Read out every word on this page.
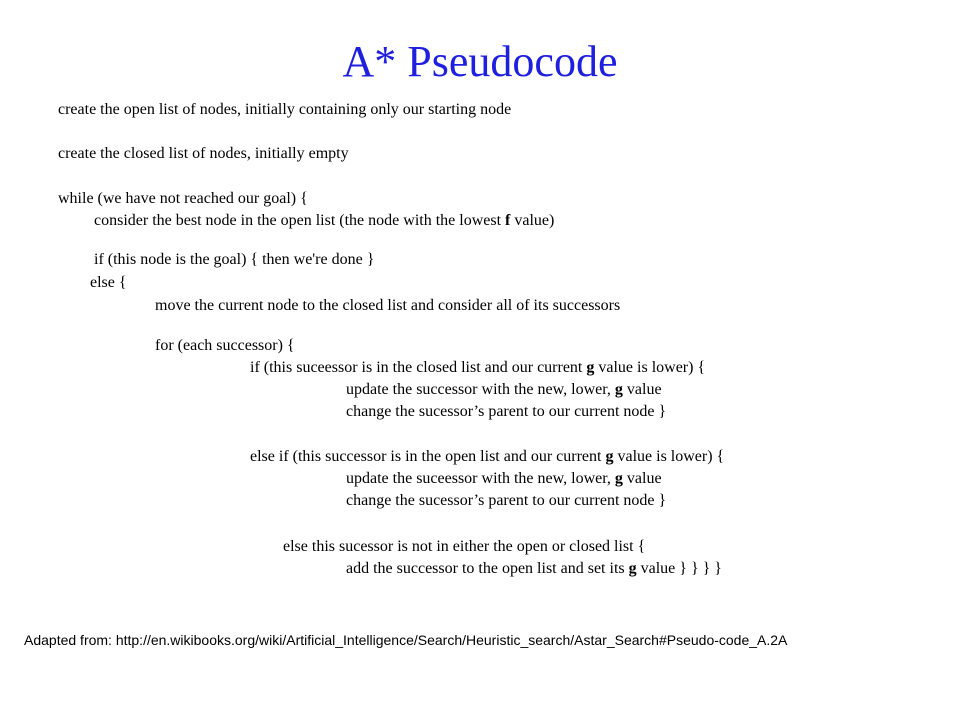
A* Pseudocode
create the open list of nodes, initially containing only our starting node
create the closed list of nodes, initially empty
while (we have not reached our goal) {
consider the best node in the open list (the node with the lowest f value)
if (this node is the goal) { then we're done }
else {
move the current node to the closed list and consider all of its successors
for (each successor) {
if (this suceessor is in the closed list and our current g value is lower) {
update the successor with the new, lower, g value
change the sucessor’s parent to our current node }
else if (this successor is in the open list and our current g value is lower) {
update the suceessor with the new, lower, g value
change the sucessor’s parent to our current node }
else this sucessor is not in either the open or closed list {
add the successor to the open list and set its g value } } } }
Adapted from: http://en.wikibooks.org/wiki/Artificial_Intelligence/Search/Heuristic_search/Astar_Search#Pseudo-code_A.2A
